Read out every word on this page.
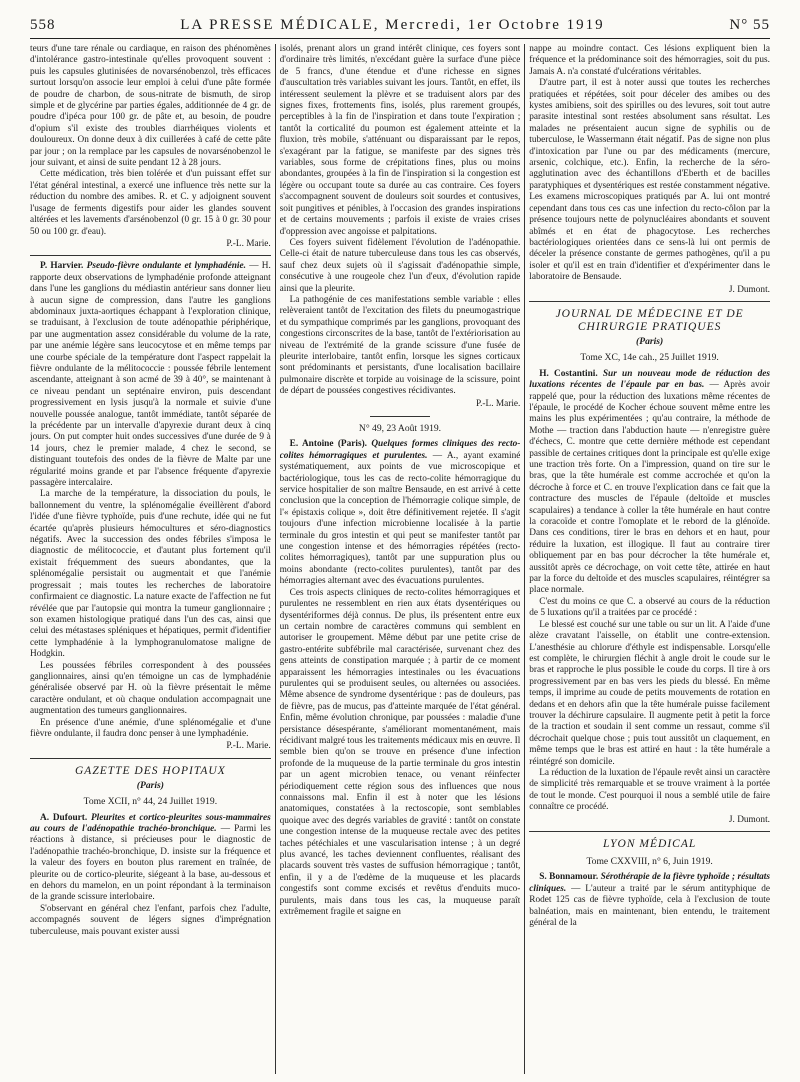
558	LA PRESSE MÉDICALE, Mercredi, 1er Octobre 1919	N° 55

teurs d'une tare rénale ou cardiaque, en raison des phénomènes d'intolérance gastro-intestinale qu'elles provoquent souvent : puis les capsules glutinisées de novarsénobenzol, très efficaces surtout lorsqu'on associe leur emploi à celui d'une pâte formée de poudre de charbon, de sous-nitrate de bismuth, de sirop simple et de glycérine par parties égales, additionnée de 4 gr. de poudre d'ipéca pour 100 gr. de pâte et, au besoin, de poudre d'opium s'il existe des troubles diarrhéiques violents et douloureux. On donne deux à dix cuillerées à café de cette pâte par jour ; on la remplace par les capsules de novarsénobenzol le jour suivant, et ainsi de suite pendant 12 à 28 jours.

Cette médication, très bien tolérée et d'un puissant effet sur l'état général intestinal, a exercé une influence très nette sur la réduction du nombre des amibes. R. et C. y adjoignent souvent l'usage de ferments digestifs pour aider les glandes souvent altérées et les lavements d'arsénobenzol (0 gr. 15 à 0 gr. 30 pour 50 ou 100 gr. d'eau).

P.-L. Marie.

P. Harvier. Pseudo-fièvre ondulante et lymphadénie. — H. rapporte deux observations de lymphadénie profonde atteignant dans l'une les ganglions du médiastin antérieur sans donner lieu à aucun signe de compression, dans l'autre les ganglions abdominaux juxta-aortiques échappant à l'exploration clinique, se traduisant, à l'exclusion de toute adénopathie périphérique, par une augmentation assez considérable du volume de la rate, par une anémie légère sans leucocytose et en même temps par une courbe spéciale de la température dont l'aspect rappelait la fièvre ondulante de la mélitococcie : poussée fébrile lentement ascendante, atteignant à son acmé de 39 à 40°, se maintenant à ce niveau pendant un septénaire environ, puis descendant progressivement en lysis jusqu'à la normale et suivie d'une nouvelle poussée analogue, tantôt immédiate, tantôt séparée de la précédente par un intervalle d'apyrexie durant deux à cinq jours. On put compter huit ondes successives d'une durée de 9 à 14 jours, chez le premier malade, 4 chez le second, se distinguant toutefois des ondes de la fièvre de Malte par une régularité moins grande et par l'absence fréquente d'apyrexie passagère intercalaire.

La marche de la température, la dissociation du pouls, le ballonnement du ventre, la splénomégalie éveillèrent d'abord l'idée d'une fièvre typhoïde, puis d'une rechute, idée qui ne fut écartée qu'après plusieurs hémocultures et séro-diagnostics négatifs. Avec la succession des ondes fébriles s'imposa le diagnostic de mélitococcie, et d'autant plus fortement qu'il existait fréquemment des sueurs abondantes, que la splénomégalie persistait ou augmentait et que l'anémie progressait ; mais toutes les recherches de laboratoire confirmaient ce diagnostic. La nature exacte de l'affection ne fut révélée que par l'autopsie qui montra la tumeur ganglionnaire ; son examen histologique pratiqué dans l'un des cas, ainsi que celui des métastases spléniques et hépatiques, permit d'identifier cette lymphadénie à la lymphogranulomatose maligne de Hodgkin.

Les poussées fébriles correspondent à des poussées ganglionnaires, ainsi qu'en témoigne un cas de lymphadénie généralisée observé par H. où la fièvre présentait le même caractère ondulant, et où chaque ondulation accompagnait une augmentation des tumeurs ganglionnaires.

En présence d'une anémie, d'une splénomégalie et d'une fièvre ondulante, il faudra donc penser à une lymphadénie.

P.-L. Marie.
GAZETTE DES HOPITAUX
(Paris)
Tome XCII, n° 44, 24 Juillet 1919.

A. Dufourt. Pleurites et cortico-pleurites sous-mammaires au cours de l'adénopathie trachéo-bronchique. — Parmi les réactions à distance, si précieuses pour le diagnostic de l'adénopathie trachéo-bronchique, D. insiste sur la fréquence et la valeur des foyers en bouton plus rarement en traînée, de pleurite ou de cortico-pleurite, siégeant à la base, au-dessous et en dehors du mamelon, en un point répondant à la terminaison de la grande scissure interlobaire.

S'observant en général chez l'enfant, parfois chez l'adulte, accompagnés souvent de légers signes d'imprégnation tuberculeuse, mais pouvant exister aussi

isolés, prenant alors un grand intérêt clinique, ces foyers sont d'ordinaire très limités, n'excédant guère la surface d'une pièce de 5 francs, d'une étendue et d'une richesse en signes d'auscultation très variables suivant les jours. Tantôt, en effet, ils intéressent seulement la plèvre et se traduisent alors par des signes fixes, frottements fins, isolés, plus rarement groupés, perceptibles à la fin de l'inspiration et dans toute l'expiration ; tantôt la corticalité du poumon est également atteinte et la fluxion, très mobile, s'atténuant ou disparaissant par le repos, s'exagérant par la fatigue, se manifeste par des signes très variables, sous forme de crépitations fines, plus ou moins abondantes, groupées à la fin de l'inspiration si la congestion est légère ou occupant toute sa durée au cas contraire. Ces foyers s'accompagnent souvent de douleurs soit sourdes et contusives, soit pungitives et pénibles, à l'occasion des grandes inspirations et de certains mouvements ; parfois il existe de vraies crises d'oppression avec angoisse et palpitations.

Ces foyers suivent fidèlement l'évolution de l'adénopathie. Celle-ci était de nature tuberculeuse dans tous les cas observés, sauf chez deux sujets où il s'agissait d'adénopathie simple, consécutive à une rougeole chez l'un d'eux, d'évolution rapide ainsi que la pleurite.

La pathogénie de ces manifestations semble variable : elles relèveraient tantôt de l'excitation des filets du pneumogastrique et du sympathique comprimés par les ganglions, provoquant des congestions circonscrites de la base, tantôt de l'extériorisation au niveau de l'extrémité de la grande scissure d'une fusée de pleurite interlobaire, tantôt enfin, lorsque les signes corticaux sont prédominants et persistants, d'une localisation bacillaire pulmonaire discrète et torpide au voisinage de la scissure, point de départ de poussées congestives récidivantes.

P.-L. Marie.
N° 49, 23 Août 1919.

E. Antoine (Paris). Quelques formes cliniques des recto-colites hémorragiques et purulentes. — A., ayant examiné systématiquement, aux points de vue microscopique et bactériologique, tous les cas de recto-colite hémorragique du service hospitalier de son maître Bensaude, en est arrivé à cette conclusion que la conception de l'hémorragie colique simple, de l'« épistaxis colique », doit être définitivement rejetée. Il s'agit toujours d'une infection microbienne localisée à la partie terminale du gros intestin et qui peut se manifester tantôt par une congestion intense et des hémorragies répétées (recto-colites hémorragiques), tantôt par une suppuration plus ou moins abondante (recto-colites purulentes), tantôt par des hémorragies alternant avec des évacuations purulentes.

Ces trois aspects cliniques de recto-colites hémorragiques et purulentes ne ressemblent en rien aux états dysentériques ou dysentériformes déjà connus. De plus, ils présentent entre eux un certain nombre de caractères communs qui semblent en autoriser le groupement. Même début par une petite crise de gastro-entérite subfébrile mal caractérisée, survenant chez des gens atteints de constipation marquée ; à partir de ce moment apparaissent les hémorragies intestinales ou les évacuations purulentes qui se produisent seules, ou alternées ou associées. Même absence de syndrome dysentérique : pas de douleurs, pas de fièvre, pas de mucus, pas d'atteinte marquée de l'état général. Enfin, même évolution chronique, par poussées : maladie d'une persistance désespérante, s'améliorant momentanément, mais récidivant malgré tous les traitements médicaux mis en œuvre. Il semble bien qu'on se trouve en présence d'une infection profonde de la muqueuse de la partie terminale du gros intestin par un agent microbien tenace, ou venant réinfecter périodiquement cette région sous des influences que nous connaissons mal. Enfin il est à noter que les lésions anatomiques, constatées à la rectoscopie, sont semblables quoique avec des degrés variables de gravité : tantôt on constate une congestion intense de la muqueuse rectale avec des petites taches pétéchiales et une vascularisation intense ; à un degré plus avancé, les taches deviennent confluentes, réalisant des placards souvent très vastes de suffusion hémorragique ; tantôt, enfin, il y a de l'œdème de la muqueuse et les placards congestifs sont comme excisés et revêtus d'enduits muco-purulents, mais dans tous les cas, la muqueuse paraît extrêmement fragile et saigne en

nappe au moindre contact. Ces lésions expliquent bien la fréquence et la prédominance soit des hémorragies, soit du pus. Jamais A. n'a constaté d'ulcérations véritables.

D'autre part, il est à noter aussi que toutes les recherches pratiquées et répétées, soit pour déceler des amibes ou des kystes amibiens, soit des spirilles ou des levures, soit tout autre parasite intestinal sont restées absolument sans résultat. Les malades ne présentaient aucun signe de syphilis ou de tuberculose, le Wassermann était négatif. Pas de signe non plus d'intoxication par l'une ou par des médicaments (mercure, arsenic, colchique, etc.). Enfin, la recherche de la séro-agglutination avec des échantillons d'Eberth et de bacilles paratyphiques et dysentériques est restée constamment négative. Les examens microscopiques pratiqués par A. lui ont montré cependant dans tous ces cas une infection du recto-côlon par la présence toujours nette de polynucléaires abondants et souvent abîmés et en état de phagocytose. Les recherches bactériologiques orientées dans ce sens-là lui ont permis de déceler la présence constante de germes pathogènes, qu'il a pu isoler et qu'il est en train d'identifier et d'expérimenter dans le laboratoire de Bensaude.

J. Dumont.
JOURNAL DE MÉDECINE ET DE CHIRURGIE PRATIQUES
(Paris)
Tome XC, 14e cah., 25 Juillet 1919.

H. Costantini. Sur un nouveau mode de réduction des luxations récentes de l'épaule par en bas. — Après avoir rappelé que, pour la réduction des luxations même récentes de l'épaule, le procédé de Kocher échoue souvent même entre les mains les plus expérimentées ; qu'au contraire, la méthode de Mothe — traction dans l'abduction haute — n'enregistre guère d'échecs, C. montre que cette dernière méthode est cependant passible de certaines critiques dont la principale est qu'elle exige une traction très forte. On a l'impression, quand on tire sur le bras, que la tête humérale est comme accrochée et qu'on la décroche à force et C. en trouve l'explication dans ce fait que la contracture des muscles de l'épaule (deltoïde et muscles scapulaires) a tendance à coller la tête humérale en haut contre la coracoïde et contre l'omoplate et le rebord de la glénoïde. Dans ces conditions, tirer le bras en dehors et en haut, pour réduire la luxation, est illogique. Il faut au contraire tirer obliquement par en bas pour décrocher la tête humérale et, aussitôt après ce décrochage, on voit cette tête, attirée en haut par la force du deltoïde et des muscles scapulaires, réintégrer sa place normale.

C'est du moins ce que C. a observé au cours de la réduction de 5 luxations qu'il a traitées par ce procédé :

Le blessé est couché sur une table ou sur un lit. A l'aide d'une alèze cravatant l'aisselle, on établit une contre-extension. L'anesthésie au chlorure d'éthyle est indispensable. Lorsqu'elle est complète, le chirurgien fléchit à angle droit le coude sur le bras et rapproche le plus possible le coude du corps. Il tire à ors progressivement par en bas vers les pieds du blessé. En même temps, il imprime au coude de petits mouvements de rotation en dedans et en dehors afin que la tête humérale puisse facilement trouver la déchirure capsulaire. Il augmente petit à petit la force de la traction et soudain il sent comme un ressaut, comme s'il décrochait quelque chose ; puis tout aussitôt un claquement, en même temps que le bras est attiré en haut : la tête humérale a réintégré son domicile.

La réduction de la luxation de l'épaule revêt ainsi un caractère de simplicité très remarquable et se trouve vraiment à la portée de tout le monde. C'est pourquoi il nous a semblé utile de faire connaître ce procédé.

J. Dumont.
LYON MÉDICAL
Tome CXXVIII, n° 6, Juin 1919.

S. Bonnamour. Sérothérapie de la fièvre typhoïde ; résultats cliniques. — L'auteur a traité par le sérum antityphique de Rodet 125 cas de fièvre typhoïde, cela à l'exclusion de toute balnéation, mais en maintenant, bien entendu, le traitement général de la
